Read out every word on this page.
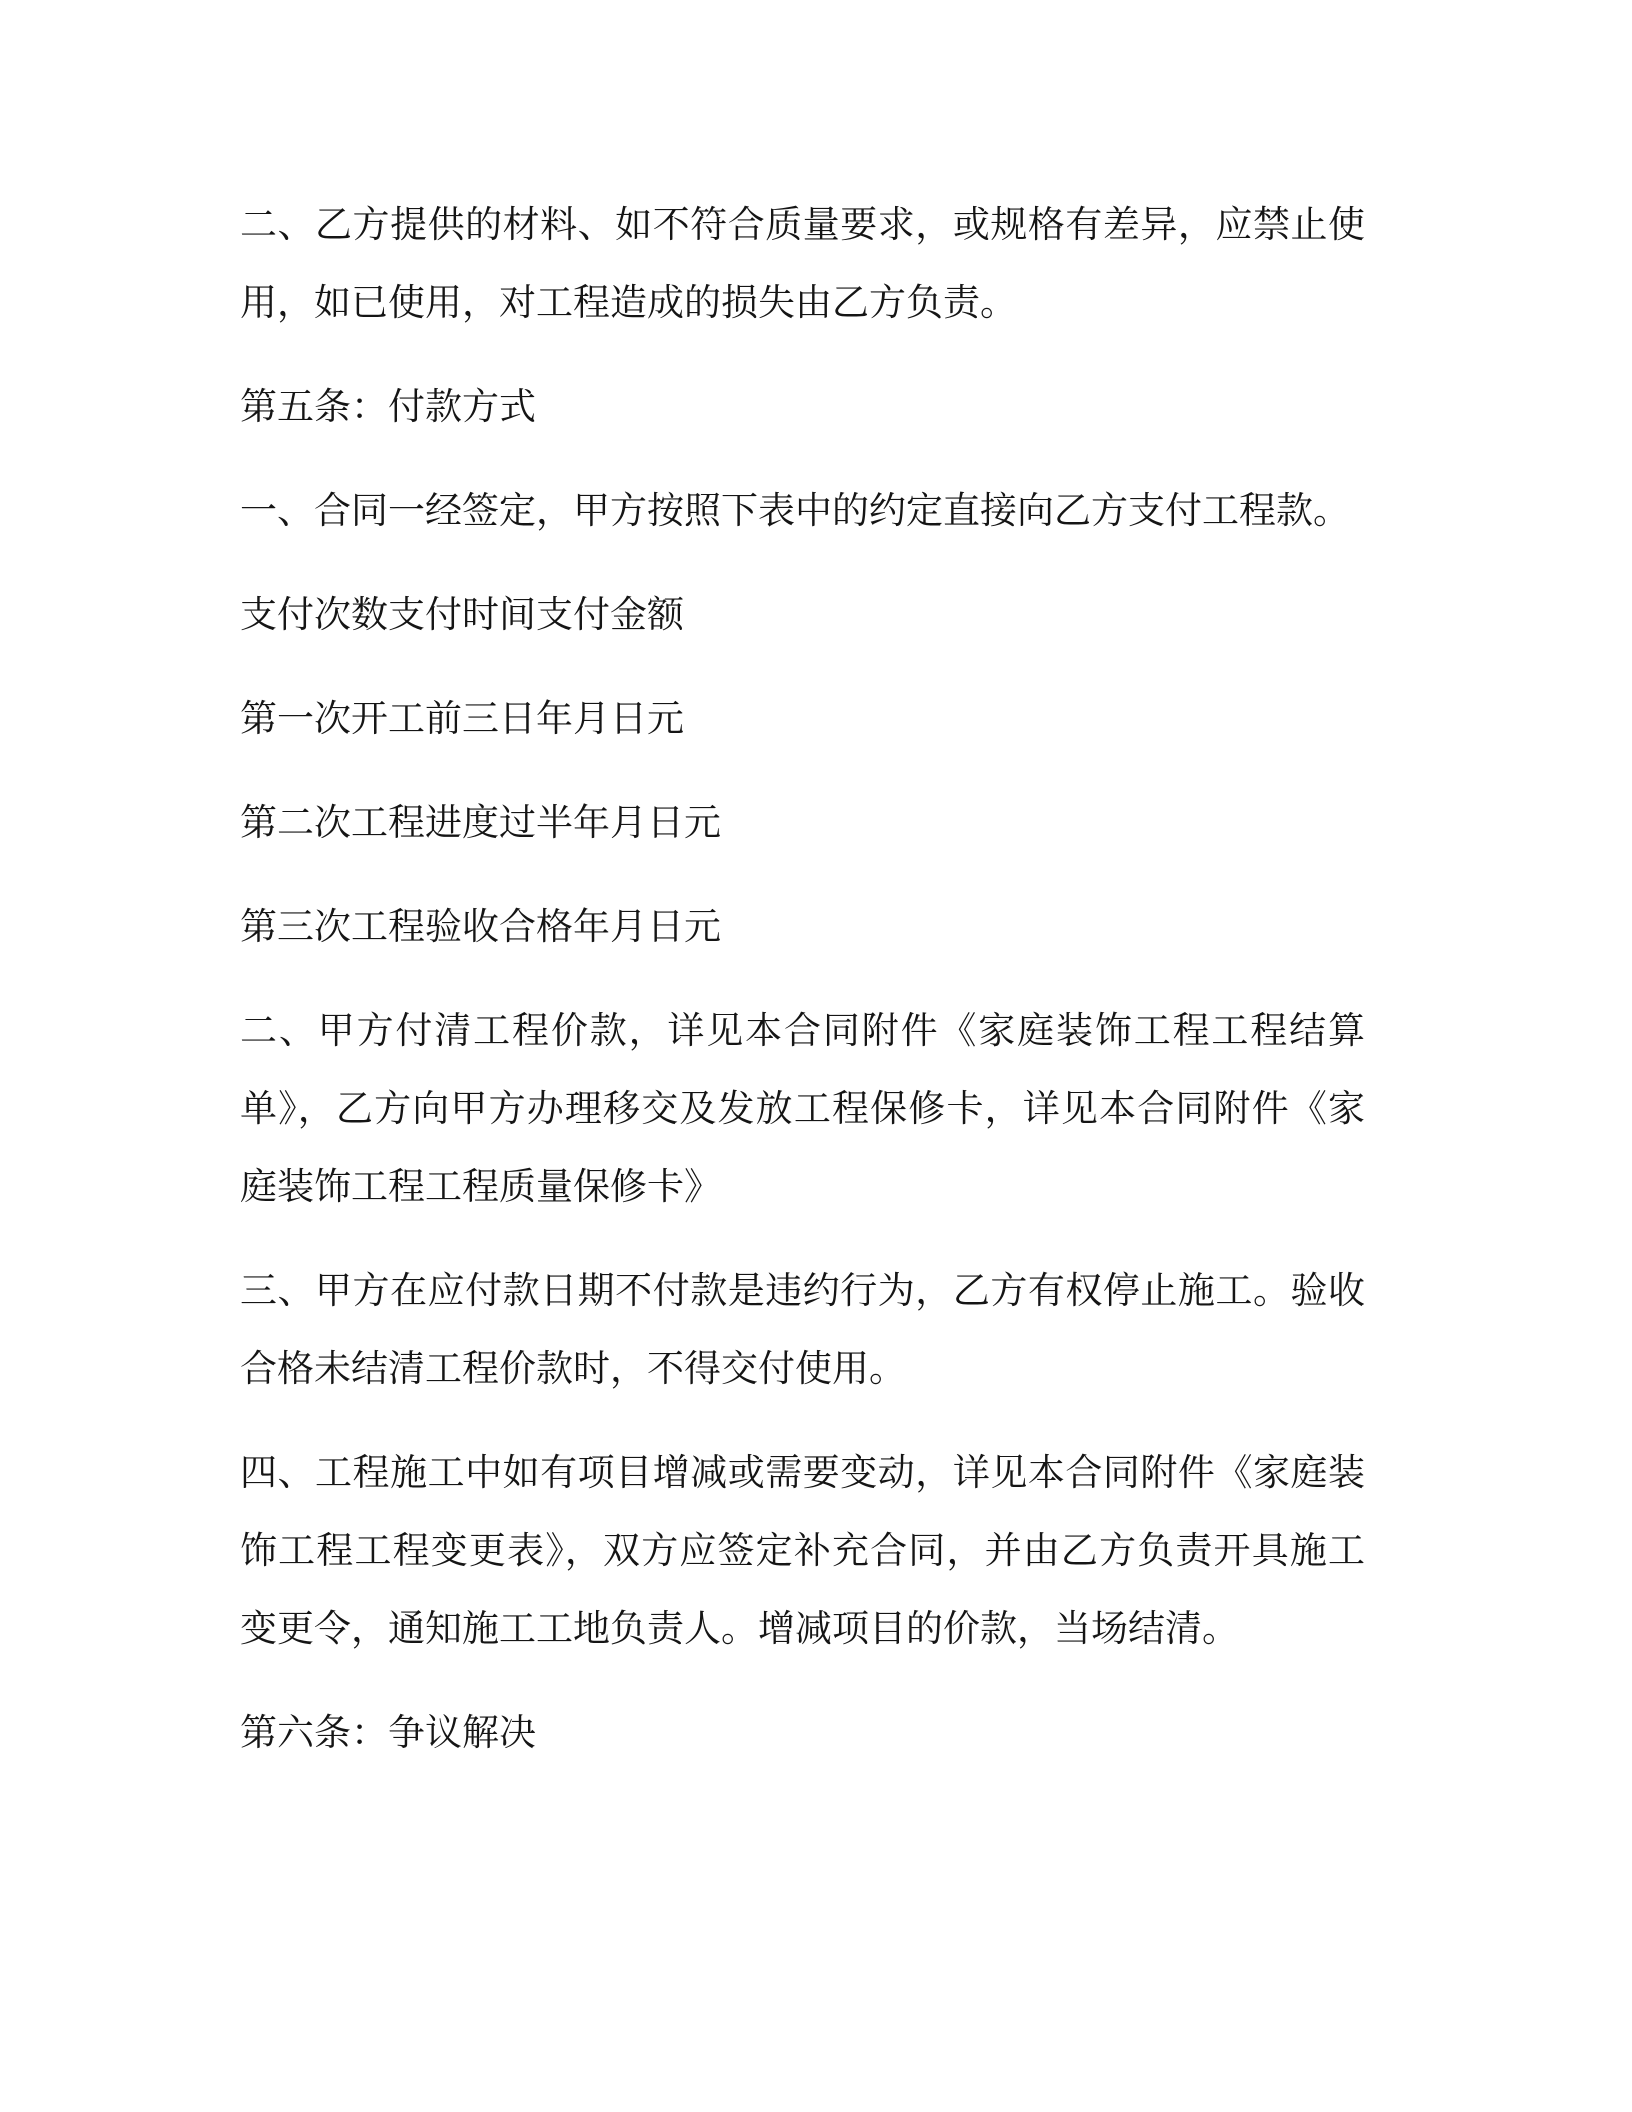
二、乙方提供的材料、如不符合质量要求，或规格有差异，应禁止使用，如已使用，对工程造成的损失由乙方负责。

第五条：付款方式

一、合同一经签定，甲方按照下表中的约定直接向乙方支付工程款。

支付次数支付时间支付金额

第一次开工前三日年月日元

第二次工程进度过半年月日元

第三次工程验收合格年月日元

二、甲方付清工程价款，详见本合同附件《家庭装饰工程工程结算单》，乙方向甲方办理移交及发放工程保修卡，详见本合同附件《家庭装饰工程工程质量保修卡》

三、甲方在应付款日期不付款是违约行为，乙方有权停止施工。验收合格未结清工程价款时，不得交付使用。

四、工程施工中如有项目增减或需要变动，详见本合同附件《家庭装饰工程工程变更表》，双方应签定补充合同，并由乙方负责开具施工变更令，通知施工工地负责人。增减项目的价款，当场结清。

第六条：争议解决
